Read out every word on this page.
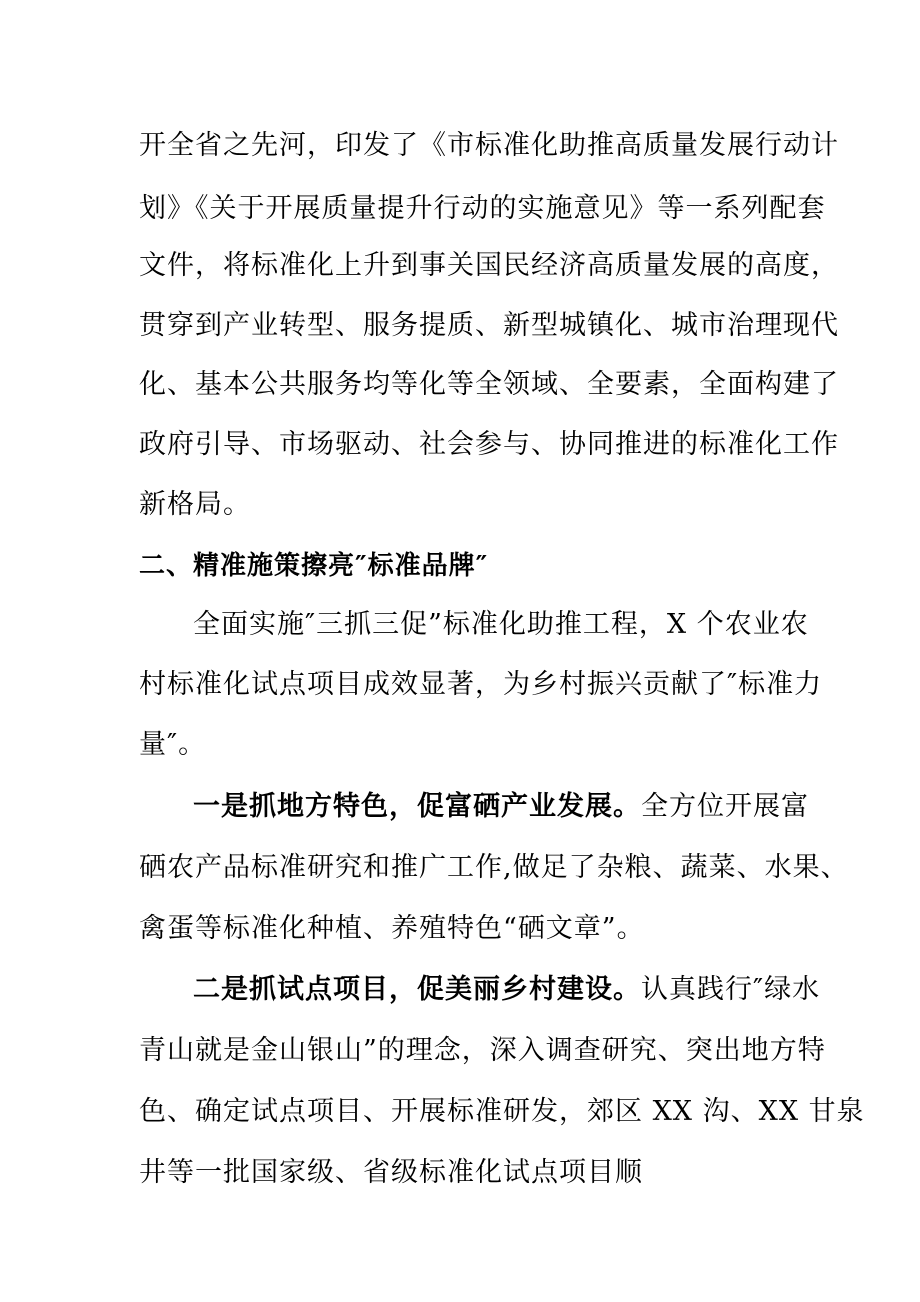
开全省之先河，印发了《市标准化助推高质量发展行动计
划》《关于开展质量提升行动的实施意见》等一系列配套
文件，将标准化上升到事关国民经济高质量发展的高度，
贯穿到产业转型、服务提质、新型城镇化、城市治理现代
化、基本公共服务均等化等全领域、全要素，全面构建了
政府引导、市场驱动、社会参与、协同推进的标准化工作
新格局。
二、精准施策擦亮″标准品牌″
全面实施″三抓三促”标准化助推工程，X 个农业农
村标准化试点项目成效显著，为乡村振兴贡献了″标准力
量″。
一是抓地方特色，促富硒产业发展。全方位开展富
硒农产品标准研究和推广工作,做足了杂粮、蔬菜、水果、
禽蛋等标准化种植、养殖特色“硒文章”。
二是抓试点项目，促美丽乡村建设。认真践行″绿水
青山就是金山银山”的理念，深入调查研究、突出地方特
色、确定试点项目、开展标准研发，郊区 XX 沟、XX 甘泉
井等一批国家级、省级标准化试点项目顺
